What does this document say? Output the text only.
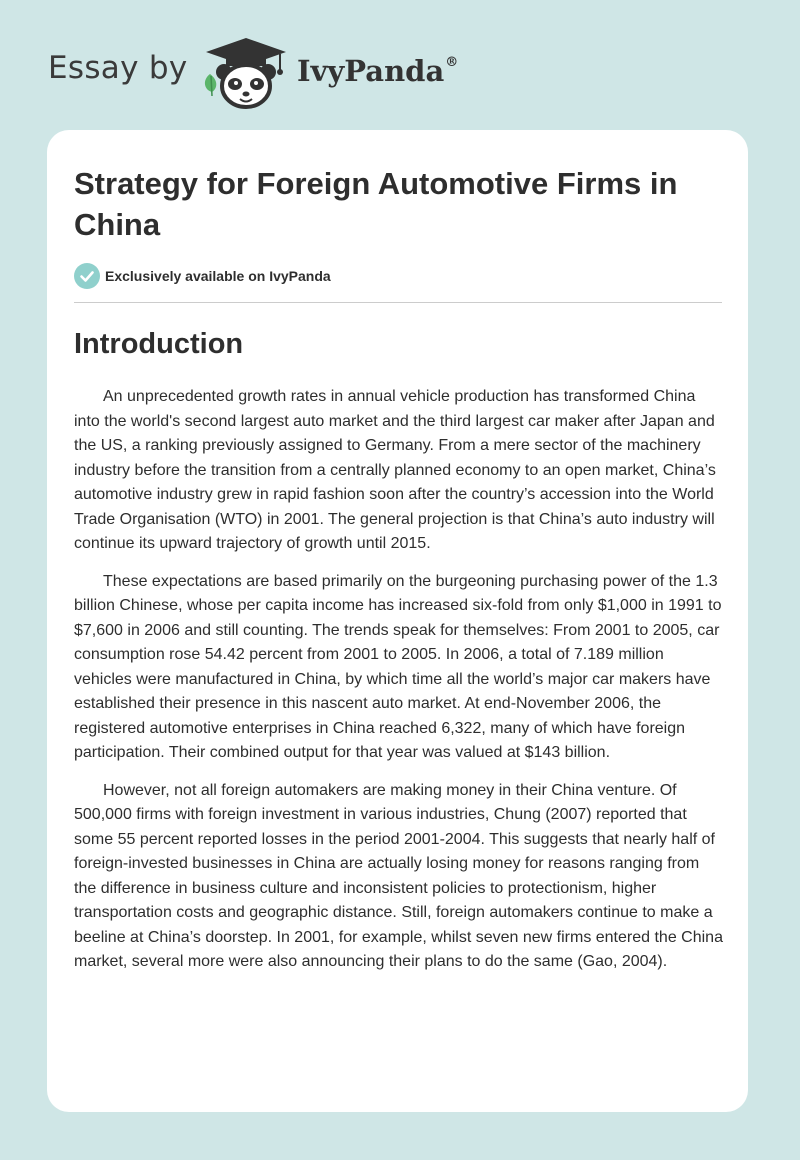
Essay by	IvyPanda®
Strategy for Foreign Automotive Firms in China
Exclusively available on IvyPanda
Introduction

An unprecedented growth rates in annual vehicle production has transformed China into the world's second largest auto market and the third largest car maker after Japan and the US, a ranking previously assigned to Germany. From a mere sector of the machinery industry before the transition from a centrally planned economy to an open market, China’s automotive industry grew in rapid fashion soon after the country’s accession into the World Trade Organisation (WTO) in 2001. The general projection is that China’s auto industry will continue its upward trajectory of growth until 2015.

These expectations are based primarily on the burgeoning purchasing power of the 1.3 billion Chinese, whose per capita income has increased six-fold from only $1,000 in 1991 to $7,600 in 2006 and still counting. The trends speak for themselves: From 2001 to 2005, car consumption rose 54.42 percent from 2001 to 2005. In 2006, a total of 7.189 million vehicles were manufactured in China, by which time all the world’s major car makers have established their presence in this nascent auto market. At end-November 2006, the registered automotive enterprises in China reached 6,322, many of which have foreign participation. Their combined output for that year was valued at $143 billion.

However, not all foreign automakers are making money in their China venture. Of 500,000 firms with foreign investment in various industries, Chung (2007) reported that some 55 percent reported losses in the period 2001-2004. This suggests that nearly half of foreign-invested businesses in China are actually losing money for reasons ranging from the difference in business culture and inconsistent policies to protectionism, higher transportation costs and geographic distance. Still, foreign automakers continue to make a beeline at China’s doorstep. In 2001, for example, whilst seven new firms entered the China market, several more were also announcing their plans to do the same (Gao, 2004).
